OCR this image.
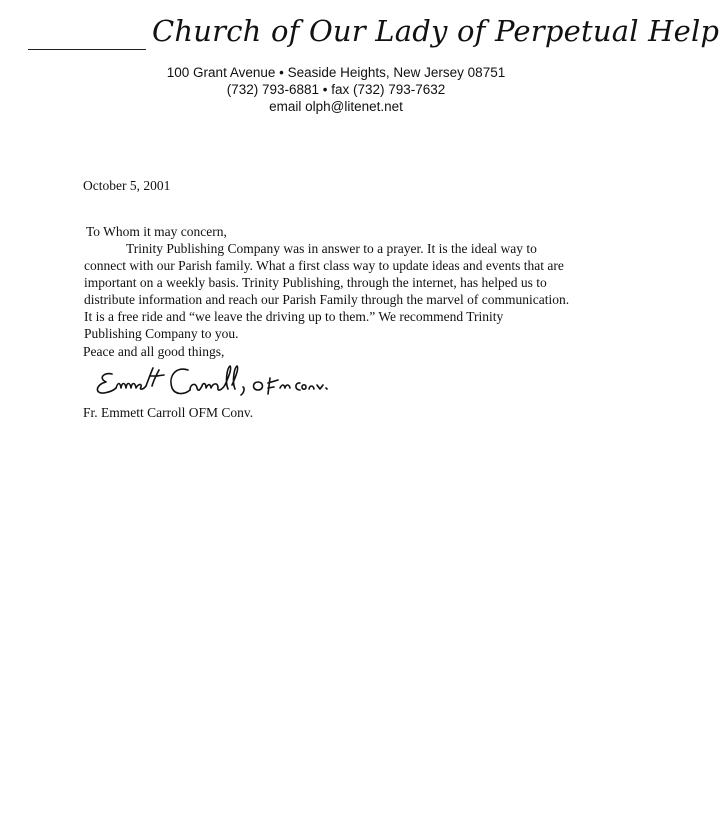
Church of Our Lady of Perpetual Help
100 Grant Avenue • Seaside Heights, New Jersey 08751
(732) 793-6881 • fax (732) 793-7632
email olph@litenet.net
October 5, 2001
To Whom it may concern,
Trinity Publishing Company was in answer to a prayer. It is the ideal way to
connect with our Parish family. What a first class way to update ideas and events that are
important on a weekly basis. Trinity Publishing, through the internet, has helped us to
distribute information and reach our Parish Family through the marvel of communication.
It is a free ride and “we leave the driving up to them.” We recommend Trinity
Publishing Company to you.
Peace and all good things,
Fr. Emmett Carroll OFM Conv.
